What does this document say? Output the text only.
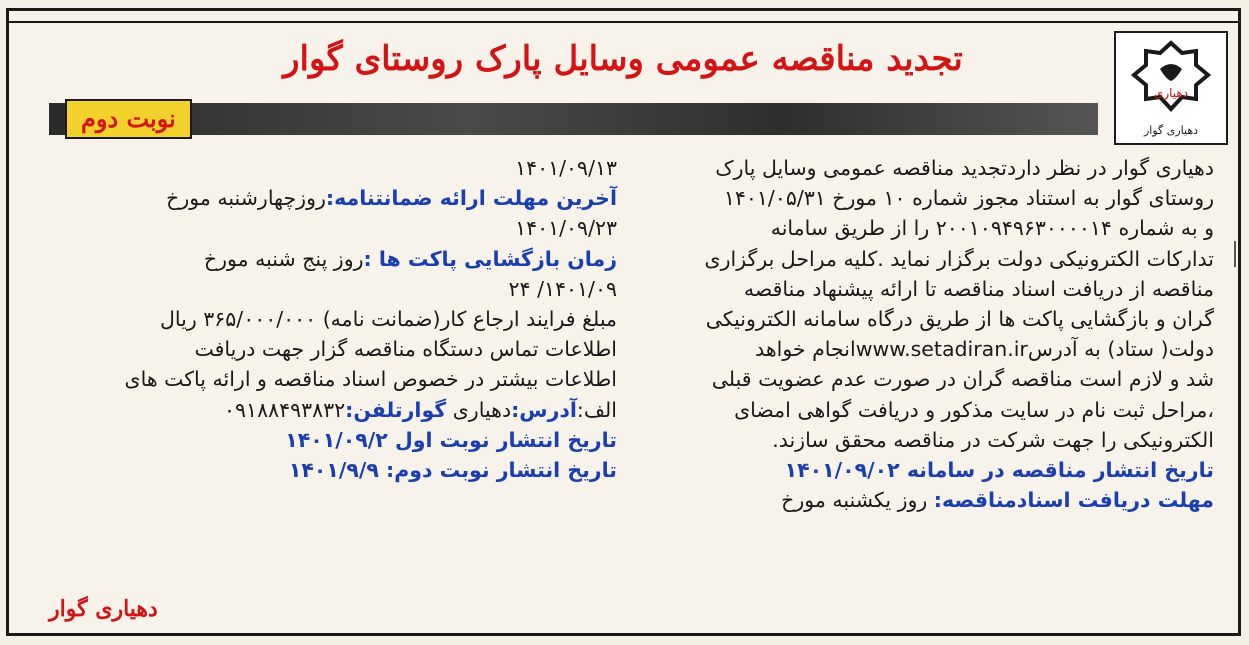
دهیاری
دهیاری گوار
تجدید مناقصه عمومی وسایل پارک روستای گوار
نوبت دوم

دهیاری گوار در نظر داردتجدید مناقصه عمومی وسایل پارک

روستای گوار به استناد مجوز شماره ۱۰ مورخ ۱۴۰۱/۰۵/۳۱

و به شماره ۲۰۰۱۰۹۴۹۶۳۰۰۰۰۱۴ را از طریق سامانه

تدارکات الکترونیکی دولت برگزار نماید .کلیه مراحل برگزاری

مناقصه از دریافت اسناد مناقصه تا ارائه پیشنهاد مناقصه

گران و بازگشایی پاکت ها از طریق درگاه سامانه الکترونیکی

دولت( ستاد) به آدرسwww.setadiran.irانجام خواهد

شد و لازم است مناقصه گران در صورت عدم عضویت قبلی

،مراحل ثبت نام در سایت مذکور و دریافت گواهی امضای

الکترونیکی را جهت شرکت در مناقصه محقق سازند.

تاریخ انتشار مناقصه در سامانه ۱۴۰۱/۰۹/۰۲

مهلت دریافت اسنادمناقصه: روز یکشنبه مورخ

۱۴۰۱/۰۹/۱۳

آخرین مهلت ارائه ضمانتنامه:روزچهارشنبه مورخ

۱۴۰۱/۰۹/۲۳

زمان بازگشایی پاکت ها :روز پنج شنبه مورخ

۱۴۰۱/۰۹/ ۲۴

مبلغ فرایند ارجاع کار(ضمانت نامه) ۳۶۵/۰۰۰/۰۰۰ ریال

اطلاعات تماس دستگاه مناقصه گزار جهت دریافت

اطلاعات بیشتر در خصوص اسناد مناقصه و ارائه پاکت های

الف:آدرس:دهیاری گوارتلفن:۰۹۱۸۸۴۹۳۸۳۲

تاریخ انتشار نوبت اول ۱۴۰۱/۰۹/۲

تاریخ انتشار نوبت دوم: ۱۴۰۱/۹/۹

دهیاری گوار
